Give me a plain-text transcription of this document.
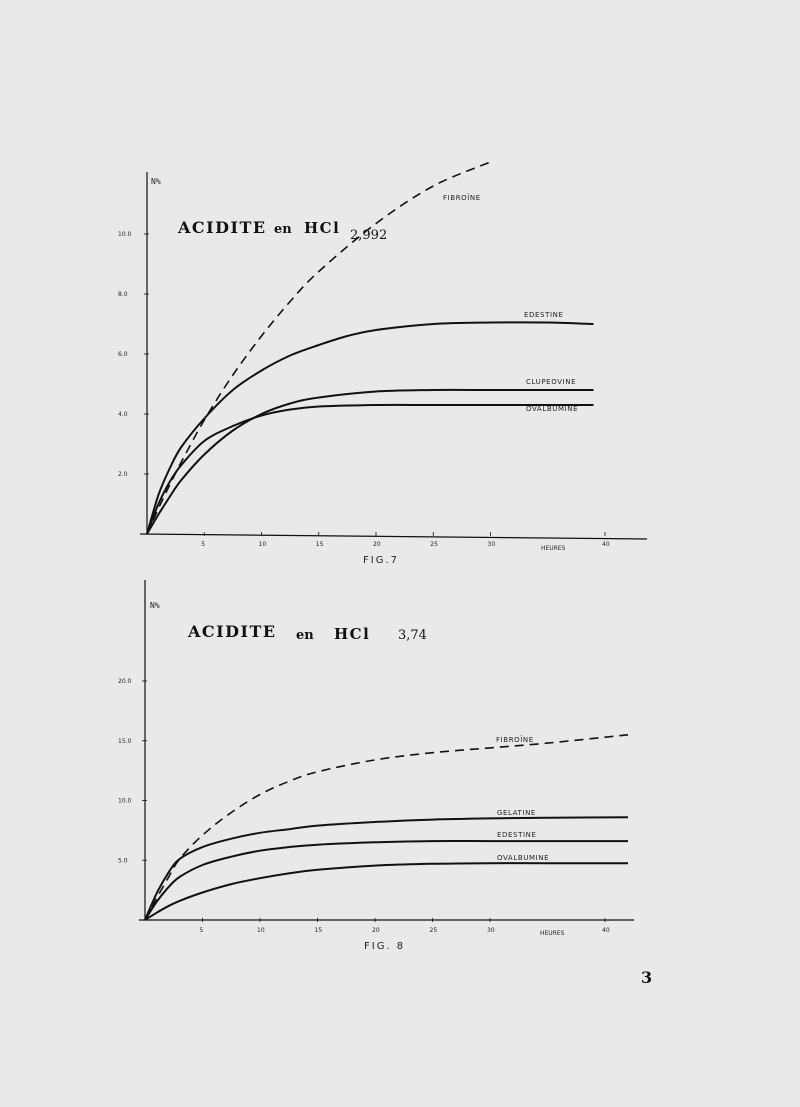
ACIDITE en HCl 2,992
N%
2.0
4.0
6.0
8.0
10.0
5	10	15	20	25	30	40
FIBROÏNE
EDESTINE
CLUPEOVINE
OVALBUMINE
HEURES
FIG.7
ACIDITE en HCl 3,74
N%
5.0
10.0
15.0
20.0
5	10	15	20	25	30	40
FIBROÏNE
GELATINE
EDESTINE
OVALBUMINE
HEURES
FIG. 8
3
